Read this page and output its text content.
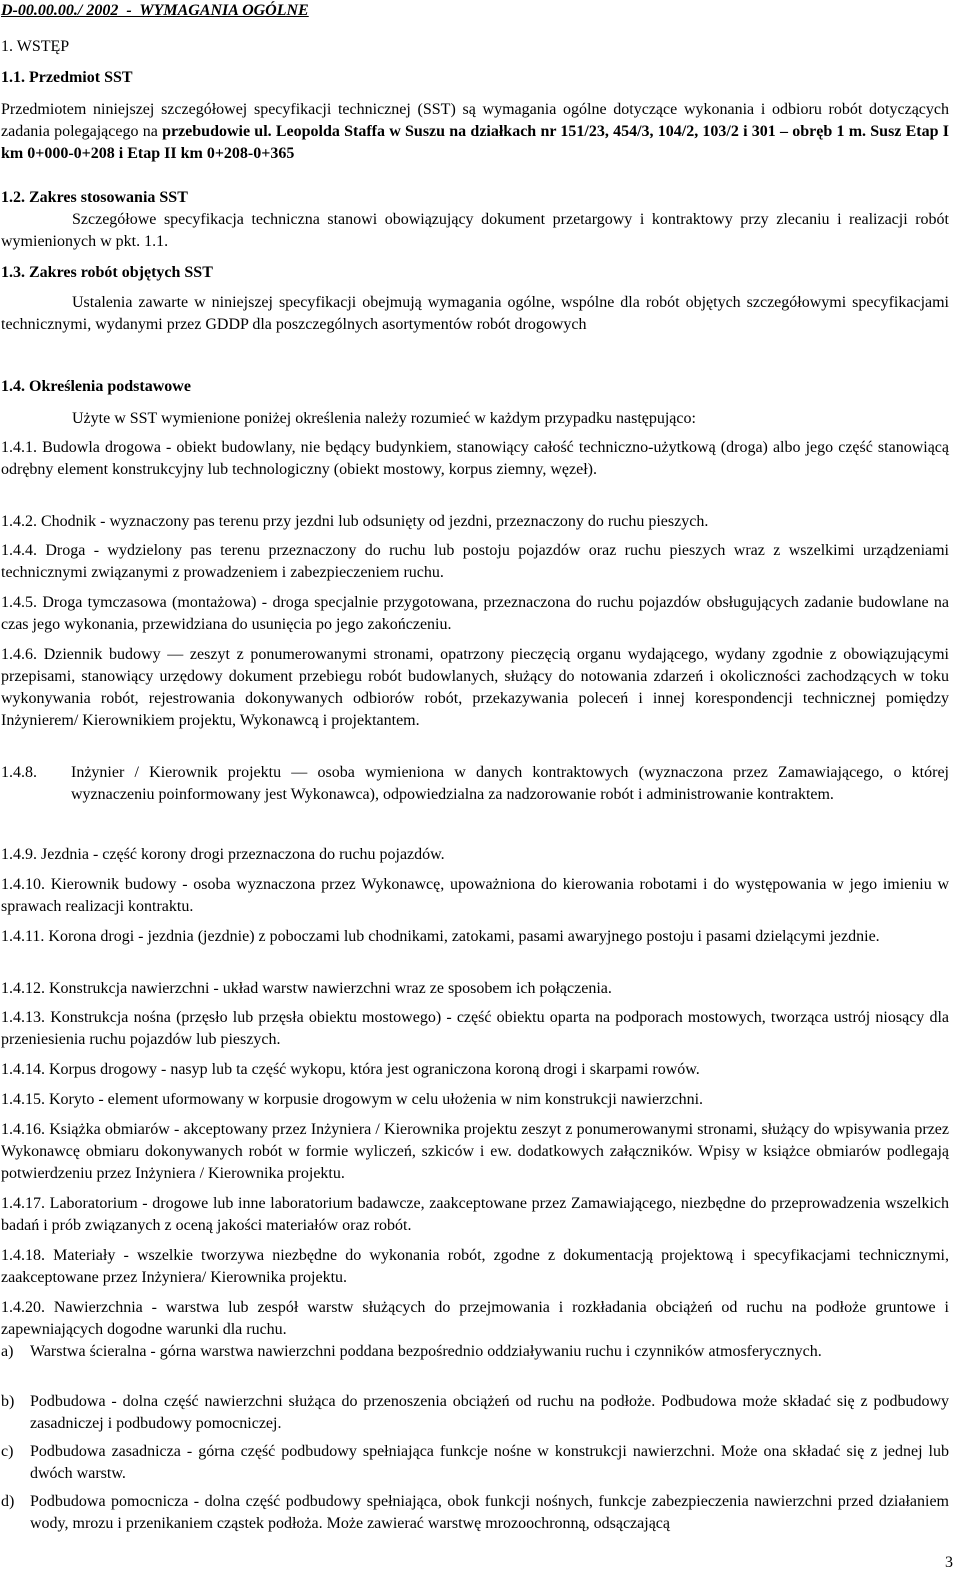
D-00.00.00./ 2002  -  WYMAGANIA OGÓLNE
1. WSTĘP
1.1. Przedmiot SST
Przedmiotem niniejszej szczegółowej specyfikacji technicznej (SST) są wymagania ogólne dotyczące wykonania i odbioru robót dotyczących zadania polegającego na przebudowie ul. Leopolda Staffa w Suszu na działkach nr 151/23, 454/3, 104/2, 103/2 i 301 – obręb 1 m. Susz Etap I km 0+000-0+208 i Etap II km 0+208-0+365
1.2. Zakres stosowania SST
Szczegółowe specyfikacja techniczna stanowi obowiązujący dokument przetargowy i kontraktowy przy zlecaniu i realizacji robót wymienionych w pkt. 1.1.
1.3. Zakres robót objętych SST
Ustalenia zawarte w niniejszej specyfikacji obejmują wymagania ogólne, wspólne dla robót objętych szczegółowymi specyfikacjami technicznymi, wydanymi przez GDDP dla poszczególnych asortymentów robót drogowych
1.4. Określenia podstawowe
Użyte w SST wymienione poniżej określenia należy rozumieć w każdym przypadku następująco:
1.4.1. Budowla drogowa - obiekt budowlany, nie będący budynkiem, stanowiący całość techniczno-użytkową (droga) albo jego część stanowiącą odrębny element konstrukcyjny lub technologiczny (obiekt mostowy, korpus ziemny, węzeł).
1.4.2. Chodnik - wyznaczony pas terenu przy jezdni lub odsunięty od jezdni, przeznaczony do ruchu pieszych.
1.4.4. Droga - wydzielony pas terenu przeznaczony do ruchu lub postoju pojazdów oraz ruchu pieszych wraz z wszelkimi urządzeniami technicznymi związanymi z prowadzeniem i zabezpieczeniem ruchu.
1.4.5. Droga tymczasowa (montażowa) - droga specjalnie przygotowana, przeznaczona do ruchu pojazdów obsługujących zadanie budowlane na czas jego wykonania, przewidziana do usunięcia po jego zakończeniu.
1.4.6. Dziennik budowy — zeszyt z ponumerowanymi stronami, opatrzony pieczęcią organu wydającego, wydany zgodnie z obowiązującymi przepisami, stanowiący urzędowy dokument przebiegu robót budowlanych, służący do notowania zdarzeń i okoliczności zachodzących w toku wykonywania robót, rejestrowania dokonywanych odbiorów robót, przekazywania poleceń i innej korespondencji technicznej pomiędzy Inżynierem/ Kierownikiem projektu, Wykonawcą i projektantem.
1.4.8. Inżynier / Kierownik projektu — osoba wymieniona w danych kontraktowych (wyznaczona przez Zamawiającego, o której wyznaczeniu poinformowany jest Wykonawca), odpowiedzialna za nadzorowanie robót i administrowanie kontraktem.
1.4.9. Jezdnia - część korony drogi przeznaczona do ruchu pojazdów.
1.4.10. Kierownik budowy - osoba wyznaczona przez Wykonawcę, upoważniona do kierowania robotami i do występowania w jego imieniu w sprawach realizacji kontraktu.
1.4.11. Korona drogi - jezdnia (jezdnie) z poboczami lub chodnikami, zatokami, pasami awaryjnego postoju i pasami dzielącymi jezdnie.
1.4.12. Konstrukcja nawierzchni - układ warstw nawierzchni wraz ze sposobem ich połączenia.
1.4.13. Konstrukcja nośna (przęsło lub przęsła obiektu mostowego) - część obiektu oparta na podporach mostowych, tworząca ustrój niosący dla przeniesienia ruchu pojazdów lub pieszych.
1.4.14. Korpus drogowy - nasyp lub ta część wykopu, która jest ograniczona koroną drogi i skarpami rowów.
1.4.15. Koryto - element uformowany w korpusie drogowym w celu ułożenia w nim konstrukcji nawierzchni.
1.4.16. Książka obmiarów - akceptowany przez Inżyniera / Kierownika projektu zeszyt z ponumerowanymi stronami, służący do wpisywania przez Wykonawcę obmiaru dokonywanych robót w formie wyliczeń, szkiców i ew. dodatkowych załączników. Wpisy w książce obmiarów podlegają potwierdzeniu przez Inżyniera / Kierownika projektu.
1.4.17. Laboratorium - drogowe lub inne laboratorium badawcze, zaakceptowane przez Zamawiającego, niezbędne do przeprowadzenia wszelkich badań i prób związanych z oceną jakości materiałów oraz robót.
1.4.18. Materiały - wszelkie tworzywa niezbędne do wykonania robót, zgodne z dokumentacją projektową i specyfikacjami technicznymi, zaakceptowane przez Inżyniera/ Kierownika projektu.
1.4.20. Nawierzchnia - warstwa lub zespół warstw służących do przejmowania i rozkładania obciążeń od ruchu na podłoże gruntowe i zapewniających dogodne warunki dla ruchu.
a) Warstwa ścieralna - górna warstwa nawierzchni poddana bezpośrednio oddziaływaniu ruchu i czynników atmosferycznych.
b) Podbudowa - dolna część nawierzchni służąca do przenoszenia obciążeń od ruchu na podłoże. Podbudowa może składać się z podbudowy zasadniczej i podbudowy pomocniczej.
c) Podbudowa zasadnicza - górna część podbudowy spełniająca funkcje nośne w konstrukcji nawierzchni. Może ona składać się z jednej lub dwóch warstw.
d) Podbudowa pomocnicza - dolna część podbudowy spełniająca, obok funkcji nośnych, funkcje zabezpieczenia nawierzchni przed działaniem wody, mrozu i przenikaniem cząstek podłoża. Może zawierać warstwę mrozoochronną, odsączającą
3
